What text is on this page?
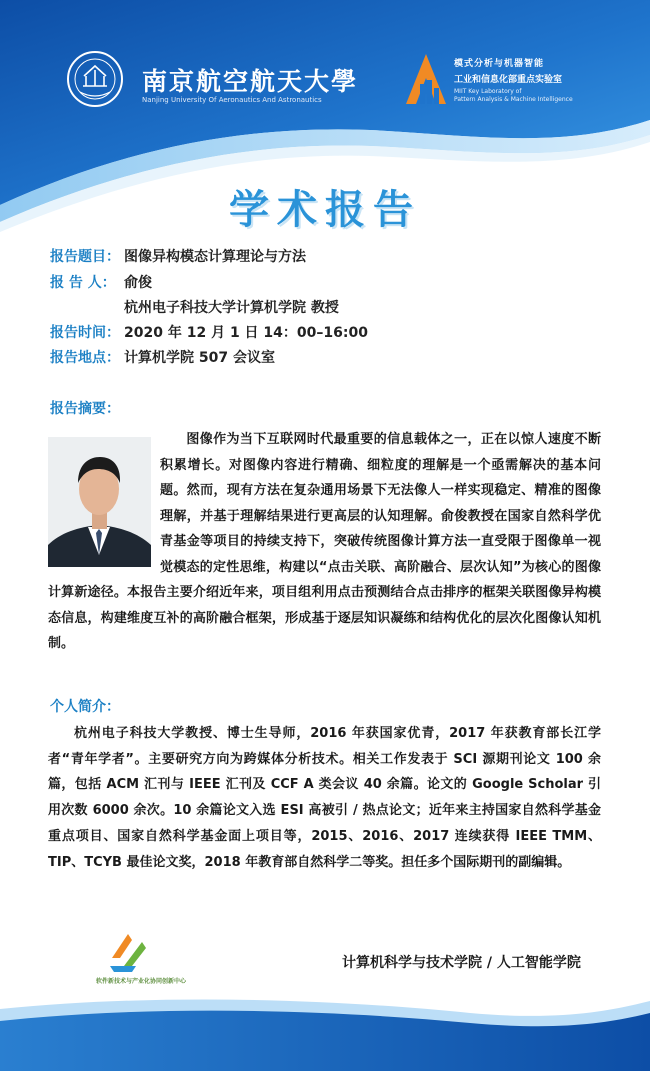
南京航空航天大學
Nanjing University Of Aeronautics And Astronautics
模式分析与机器智能
工业和信息化部重点实验室
MIIT Key Laboratory of
Pattern Analysis & Machine Intelligence
学术报告
报告题目： 图像异构模态计算理论与方法
报 告 人： 俞俊
杭州电子科技大学计算机学院 教授
报告时间： 2020 年 12 月 1 日 14：00–16:00
报告地点： 计算机学院 507 会议室
报告摘要：
图像作为当下互联网时代最重要的信息载体之一，正在以惊人速度不断积累增长。对图像内容进行精确、细粒度的理解是一个亟需解决的基本问题。然而，现有方法在复杂通用场景下无法像人一样实现稳定、精准的图像理解，并基于理解结果进行更高层的认知理解。俞俊教授在国家自然科学优青基金等项目的持续支持下，突破传统图像计算方法一直受限于图像单一视觉模态的定性思维，构建以“点击关联、高阶融合、层次认知”为核心的图像计算新途径。本报告主要介绍近年来，项目组利用点击预测结合点击排序的框架关联图像异构模态信息，构建维度互补的高阶融合框架，形成基于逐层知识凝练和结构优化的层次化图像认知机制。
个人简介：
杭州电子科技大学教授、博士生导师，2016 年获国家优青，2017 年获教育部长江学者“青年学者”。主要研究方向为跨媒体分析技术。相关工作发表于 SCI 源期刊论文 100 余篇，包括 ACM 汇刊与 IEEE 汇刊及 CCF A 类会议 40 余篇。论文的 Google Scholar 引用次数 6000 余次。10 余篇论文入选 ESI 高被引 / 热点论文；近年来主持国家自然科学基金重点项目、国家自然科学基金面上项目等，2015、2016、2017 连续获得 IEEE TMM、TIP、TCYB 最佳论文奖，2018 年教育部自然科学二等奖。担任多个国际期刊的副编辑。
软件新技术与产业化协同创新中心
计算机科学与技术学院 / 人工智能学院
